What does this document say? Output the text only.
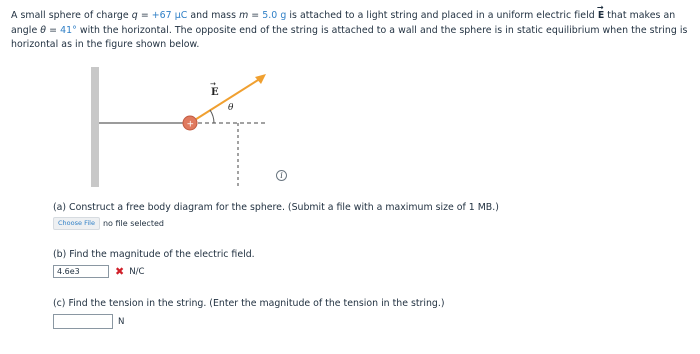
A small sphere of charge q = +67 μC and mass m = 5.0 g is attached to a light string and placed in a uniform electric field → E that makes an angle θ = 41° with the horizontal. The opposite end of the string is attached to a wall and the sphere is in static equilibrium when the string is horizontal as in the figure shown below.
θ
E
→
+
i
(a) Construct a free body diagram for the sphere. (Submit a file with a maximum size of 1 MB.)
Choose File no file selected
(b) Find the magnitude of the electric field.
4.6e3	✖ N/C
(c) Find the tension in the string. (Enter the magnitude of the tension in the string.)
N
